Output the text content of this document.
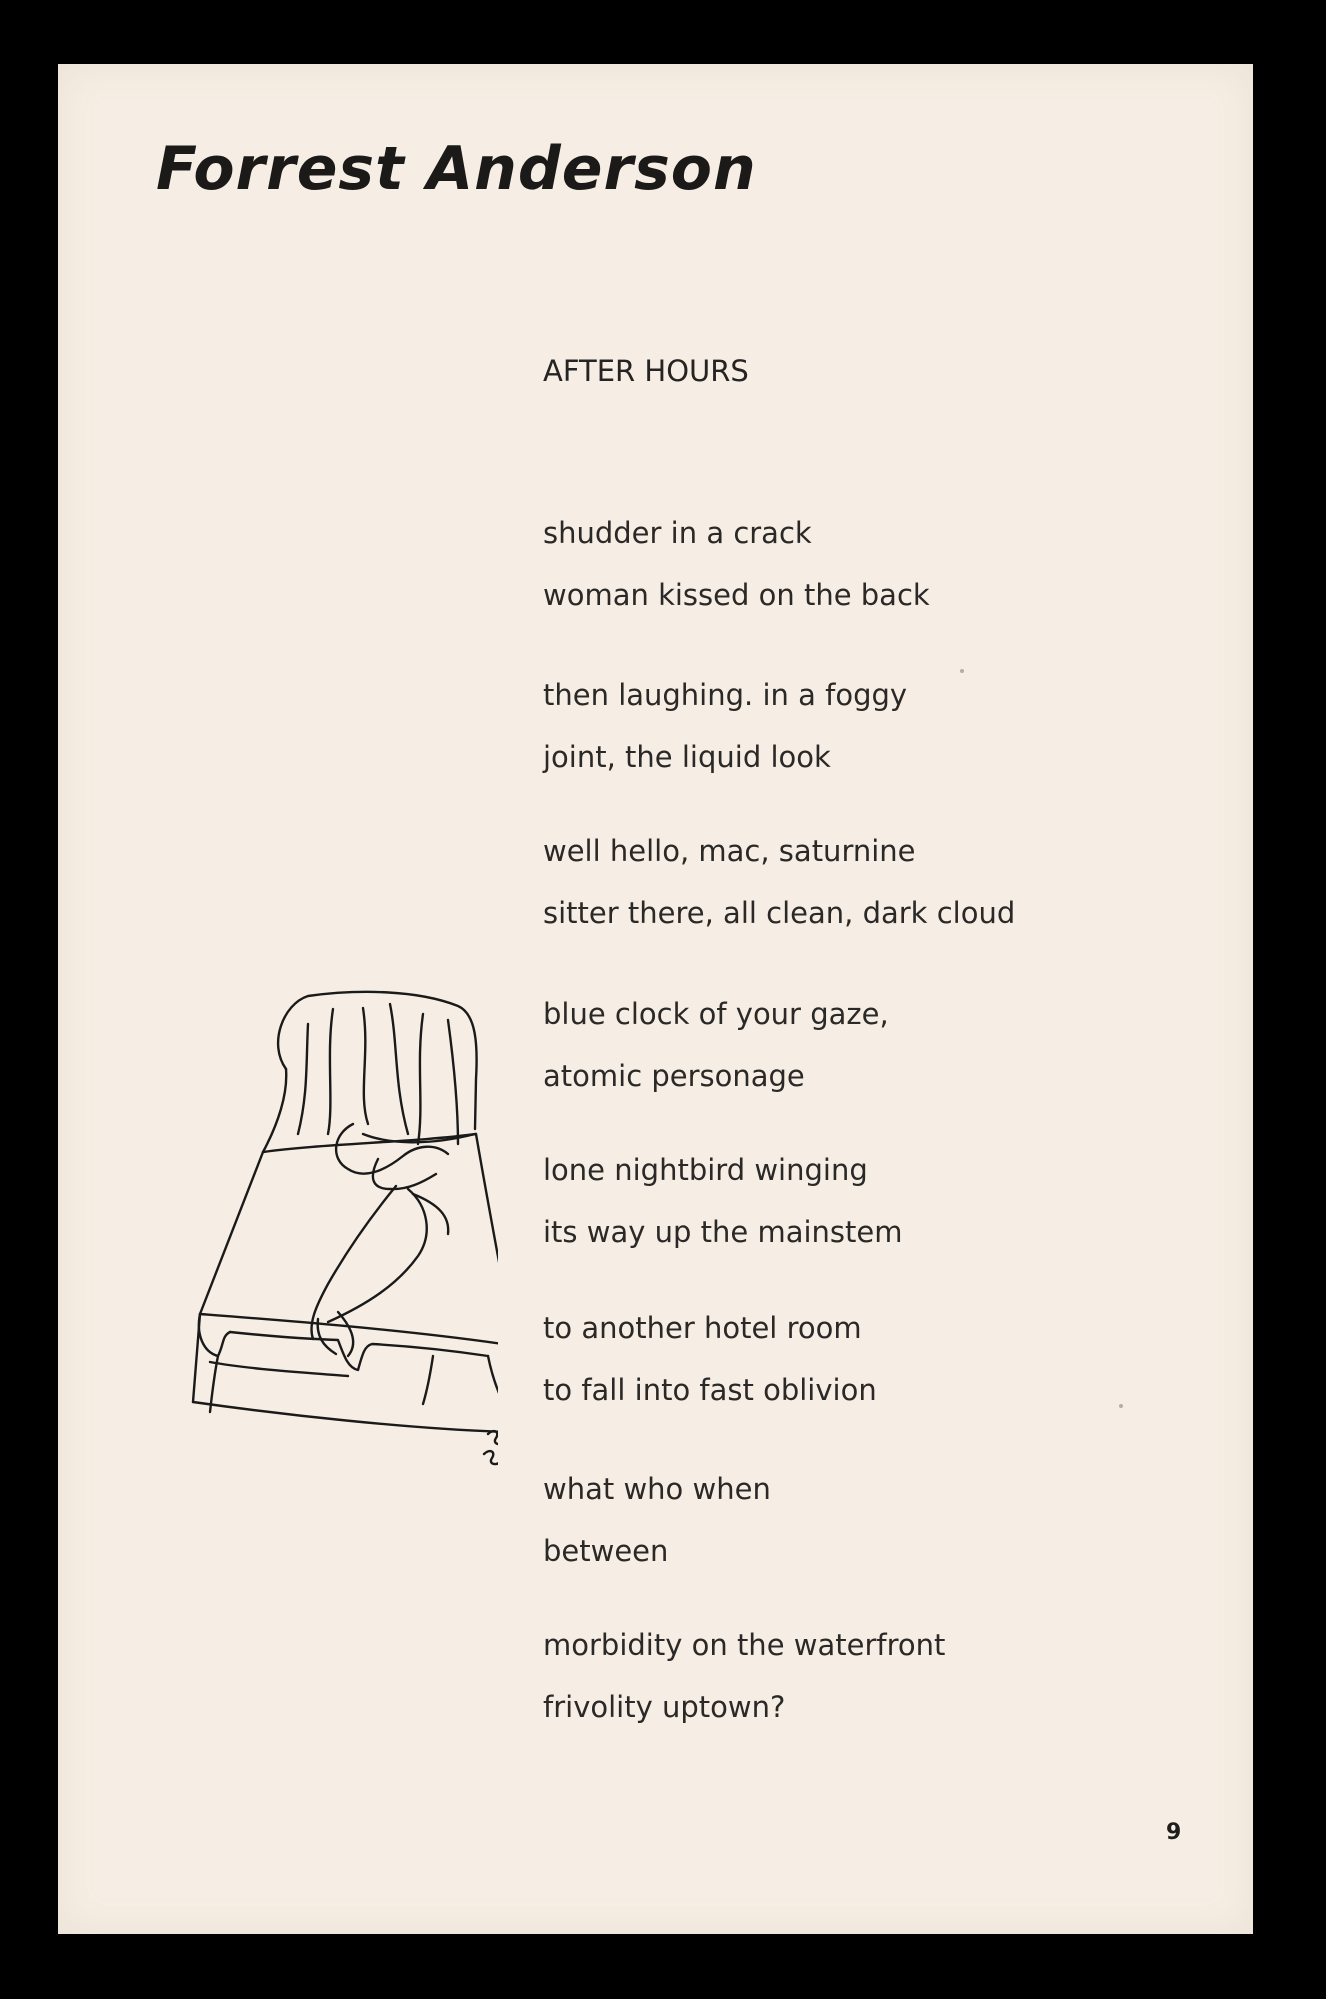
Forrest Anderson
AFTER HOURS

shudder in a crack

woman kissed on the back

then laughing. in a foggy

joint, the liquid look

well hello, mac, saturnine

sitter there, all clean, dark cloud

blue clock of your gaze,

atomic personage

lone nightbird winging

its way up the mainstem

to another hotel room

to fall into fast oblivion

what who when

between

morbidity on the waterfront

frivolity uptown?

9
